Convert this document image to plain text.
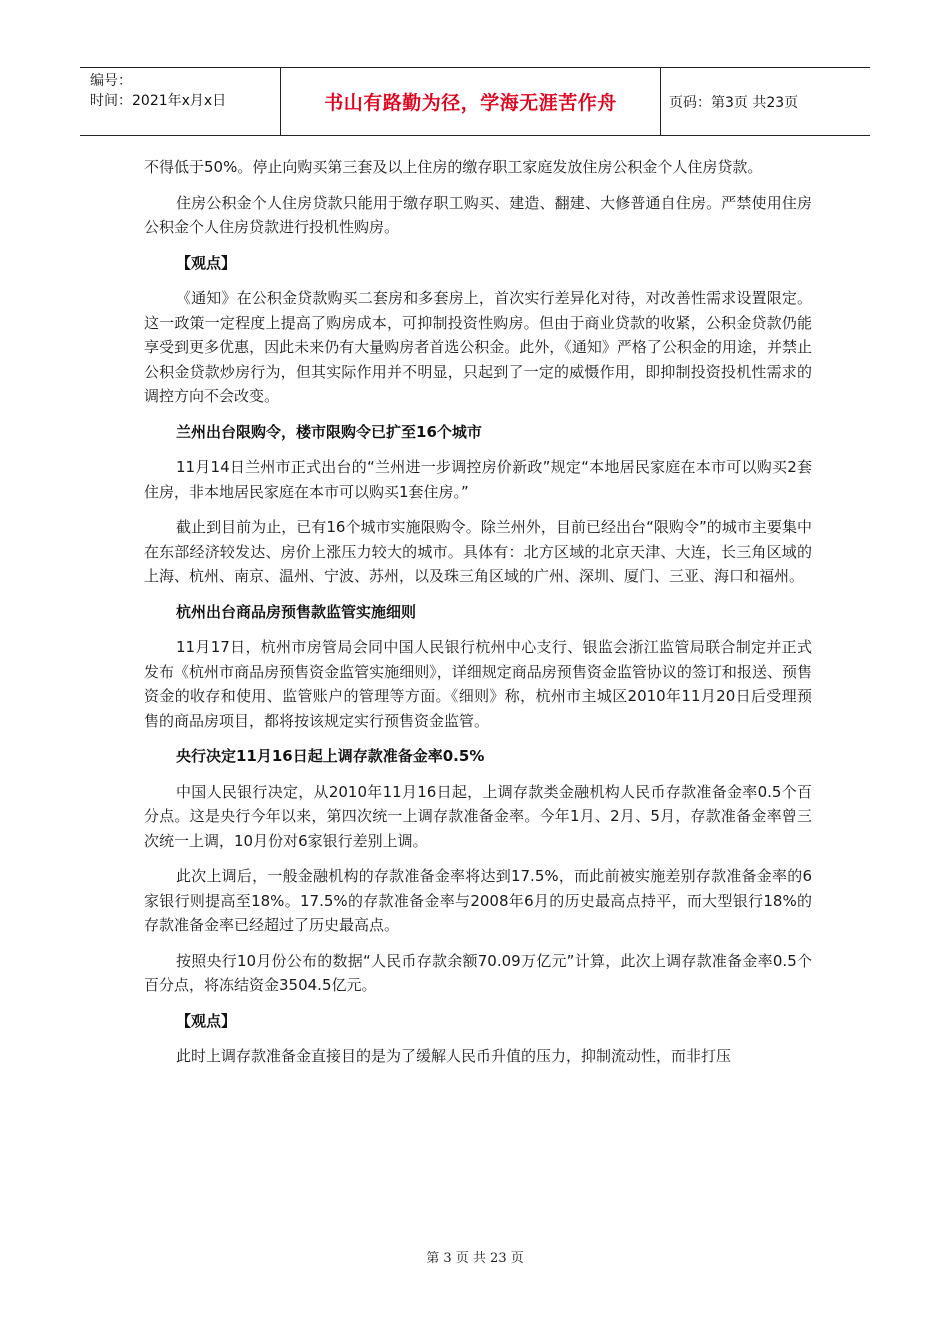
编号：
时间：2021年x月x日	书山有路勤为径，学海无涯苦作舟	页码：第3页 共23页

不得低于50%。停止向购买第三套及以上住房的缴存职工家庭发放住房公积金个人住房贷款。

住房公积金个人住房贷款只能用于缴存职工购买、建造、翻建、大修普通自住房。严禁使用住房公积金个人住房贷款进行投机性购房。

【观点】

《通知》在公积金贷款购买二套房和多套房上，首次实行差异化对待，对改善性需求设置限定。这一政策一定程度上提高了购房成本，可抑制投资性购房。但由于商业贷款的收紧，公积金贷款仍能享受到更多优惠，因此未来仍有大量购房者首选公积金。此外，《通知》严格了公积金的用途，并禁止公积金贷款炒房行为，但其实际作用并不明显，只起到了一定的威慑作用，即抑制投资投机性需求的调控方向不会改变。

兰州出台限购令，楼市限购令已扩至16个城市

11月14日兰州市正式出台的“兰州进一步调控房价新政”规定“本地居民家庭在本市可以购买2套住房，非本地居民家庭在本市可以购买1套住房。”

截止到目前为止，已有16个城市实施限购令。除兰州外，目前已经出台“限购令”的城市主要集中在东部经济较发达、房价上涨压力较大的城市。具体有：北方区域的北京天津、大连，长三角区域的上海、杭州、南京、温州、宁波、苏州，以及珠三角区域的广州、深圳、厦门、三亚、海口和福州。

杭州出台商品房预售款监管实施细则

11月17日，杭州市房管局会同中国人民银行杭州中心支行、银监会浙江监管局联合制定并正式发布《杭州市商品房预售资金监管实施细则》，详细规定商品房预售资金监管协议的签订和报送、预售资金的收存和使用、监管账户的管理等方面。《细则》称，杭州市主城区2010年11月20日后受理预售的商品房项目，都将按该规定实行预售资金监管。

央行决定11月16日起上调存款准备金率0.5%

中国人民银行决定，从2010年11月16日起，上调存款类金融机构人民币存款准备金率0.5个百分点。这是央行今年以来，第四次统一上调存款准备金率。今年1月、2月、5月，存款准备金率曾三次统一上调，10月份对6家银行差别上调。

此次上调后，一般金融机构的存款准备金率将达到17.5%，而此前被实施差别存款准备金率的6家银行则提高至18%。17.5%的存款准备金率与2008年6月的历史最高点持平，而大型银行18%的存款准备金率已经超过了历史最高点。

按照央行10月份公布的数据“人民币存款余额70.09万亿元”计算，此次上调存款准备金率0.5个百分点，将冻结资金3504.5亿元。

【观点】

此时上调存款准备金直接目的是为了缓解人民币升值的压力，抑制流动性，而非打压

第 3 页 共 23 页
